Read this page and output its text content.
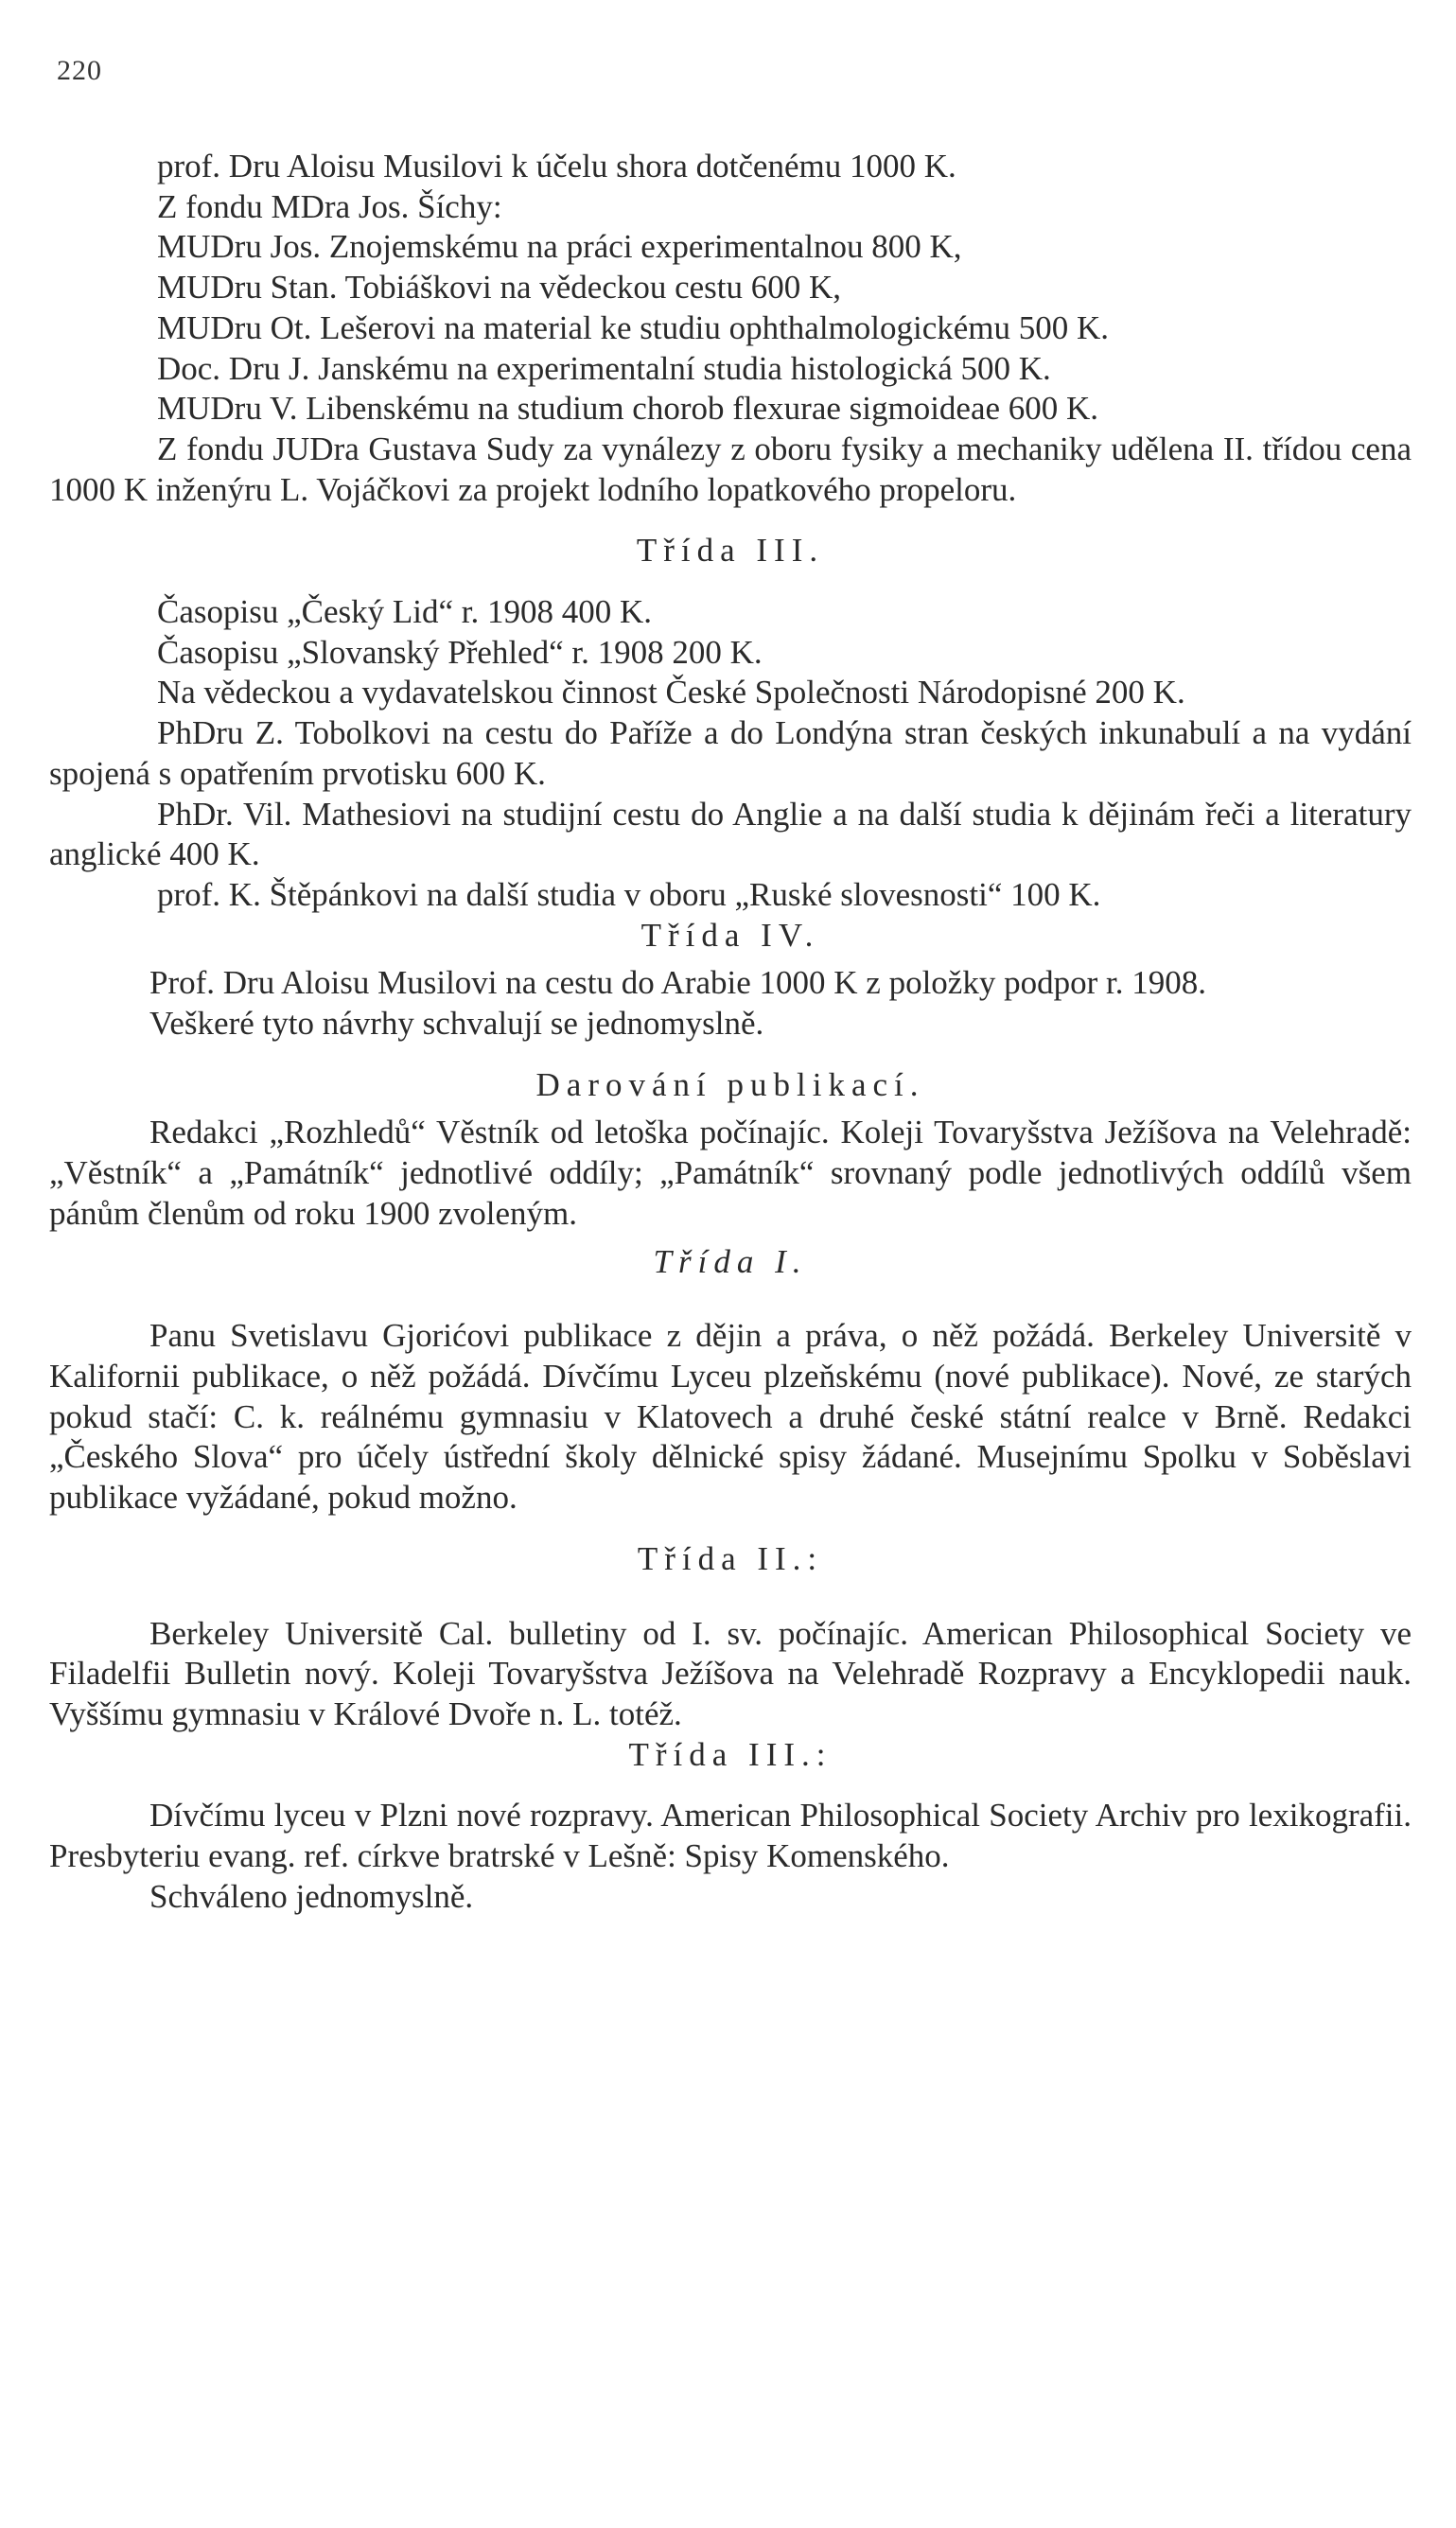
220

prof. Dru Aloisu Musilovi k účelu shora dotčenému 1000 K.

Z fondu MDra Jos. Šíchy:

MUDru Jos. Znojemskému na práci experimentalnou 800 K,

MUDru Stan. Tobiáškovi na vědeckou cestu 600 K,

MUDru Ot. Lešerovi na material ke studiu ophthalmologickému 500 K.

Doc. Dru J. Janskému na experimentalní studia histologická 500 K.

MUDru V. Libenskému na studium chorob flexurae sigmoideae 600 K.

Z fondu JUDra Gustava Sudy za vynálezy z oboru fysiky a mechaniky udělena II. třídou cena 1000 K inženýru L. Vojáčkovi za projekt lodního lopatkového propeloru.

Třída III.

Časopisu „Český Lid“ r. 1908 400 K.

Časopisu „Slovanský Přehled“ r. 1908 200 K.

Na vědeckou a vydavatelskou činnost České Společnosti Národopisné 200 K.

PhDru Z. Tobolkovi na cestu do Paříže a do Londýna stran českých inkunabulí a na vydání spojená s opatřením prvotisku 600 K.

PhDr. Vil. Mathesiovi na studijní cestu do Anglie a na další studia k dějinám řeči a literatury anglické 400 K.

prof. K. Štěpánkovi na další studia v oboru „Ruské slovesnosti“ 100 K.

Třída IV.

Prof. Dru Aloisu Musilovi na cestu do Arabie 1000 K z položky podpor r. 1908.

Veškeré tyto návrhy schvalují se jednomyslně.

Darování publikací.

Redakci „Rozhledů“ Věstník od letoška počínajíc. Koleji Tovaryšstva Ježíšova na Velehradě: „Věstník“ a „Památník“ jednotlivé oddíly; „Památník“ srovnaný podle jednotlivých oddílů všem pánům členům od roku 1900 zvoleným.

Třída I.

Panu Svetislavu Gjorićovi publikace z dějin a práva, o něž požádá. Berkeley Universitě v Kalifornii publikace, o něž požádá. Dívčímu Lyceu plzeňskému (nové publikace). Nové, ze starých pokud stačí: C. k. reálnému gymnasiu v Klatovech a druhé české státní realce v Brně. Redakci „Českého Slova“ pro účely ústřední školy dělnické spisy žádané. Musejnímu Spolku v Soběslavi publikace vyžádané, pokud možno.

Třída II.:

Berkeley Universitě Cal. bulletiny od I. sv. počínajíc. American Philosophical Society ve Filadelfii Bulletin nový. Koleji Tovaryšstva Ježíšova na Velehradě Rozpravy a Encyklopedii nauk. Vyššímu gymnasiu v Králové Dvoře n. L. totéž.

Třída III.:

Dívčímu lyceu v Plzni nové rozpravy. American Philosophical Society Archiv pro lexikografii. Presbyteriu evang. ref. církve bratrské v Lešně: Spisy Komenského.

Schváleno jednomyslně.
